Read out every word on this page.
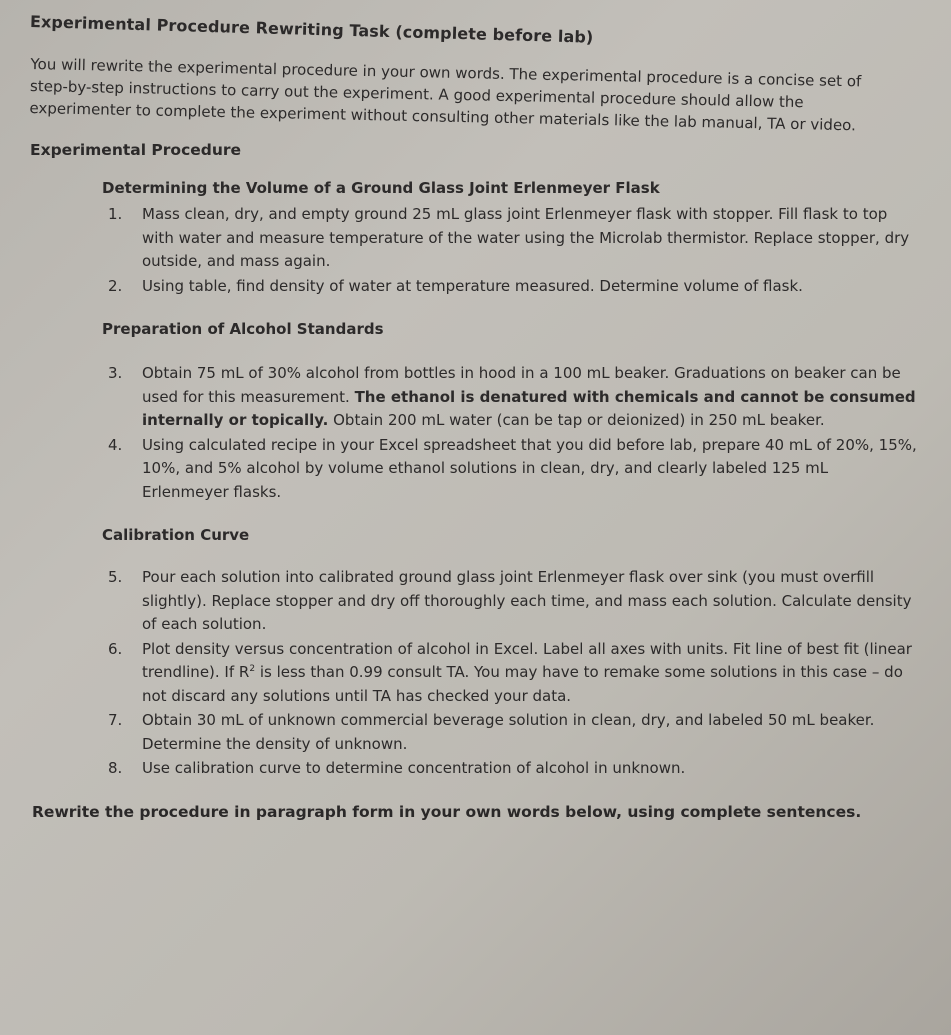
Experimental Procedure Rewriting Task (complete before lab)

You will rewrite the experimental procedure in your own words. The experimental procedure is a concise set of step-by-step instructions to carry out the experiment. A good experimental procedure should allow the experimenter to complete the experiment without consulting other materials like the lab manual, TA or video.

Experimental Procedure
Determining the Volume of a Ground Glass Joint Erlenmeyer Flask
1. Mass clean, dry, and empty ground 25 mL glass joint Erlenmeyer flask with stopper. Fill flask to top with water and measure temperature of the water using the Microlab thermistor. Replace stopper, dry outside, and mass again.
2. Using table, find density of water at temperature measured. Determine volume of flask.
Preparation of Alcohol Standards
3. Obtain 75 mL of 30% alcohol from bottles in hood in a 100 mL beaker. Graduations on beaker can be used for this measurement. The ethanol is denatured with chemicals and cannot be consumed internally or topically. Obtain 200 mL water (can be tap or deionized) in 250 mL beaker.
4. Using calculated recipe in your Excel spreadsheet that you did before lab, prepare 40 mL of 20%, 15%, 10%, and 5% alcohol by volume ethanol solutions in clean, dry, and clearly labeled 125 mL Erlenmeyer flasks.
Calibration Curve
5. Pour each solution into calibrated ground glass joint Erlenmeyer flask over sink (you must overfill slightly). Replace stopper and dry off thoroughly each time, and mass each solution. Calculate density of each solution.
6. Plot density versus concentration of alcohol in Excel. Label all axes with units. Fit line of best fit (linear trendline). If $R^2$ is less than 0.99 consult TA. You may have to remake some solutions in this case – do not discard any solutions until TA has checked your data.
7. Obtain 30 mL of unknown commercial beverage solution in clean, dry, and labeled 50 mL beaker. Determine the density of unknown.
8. Use calibration curve to determine concentration of alcohol in unknown.
Rewrite the procedure in paragraph form in your own words below, using complete sentences.
